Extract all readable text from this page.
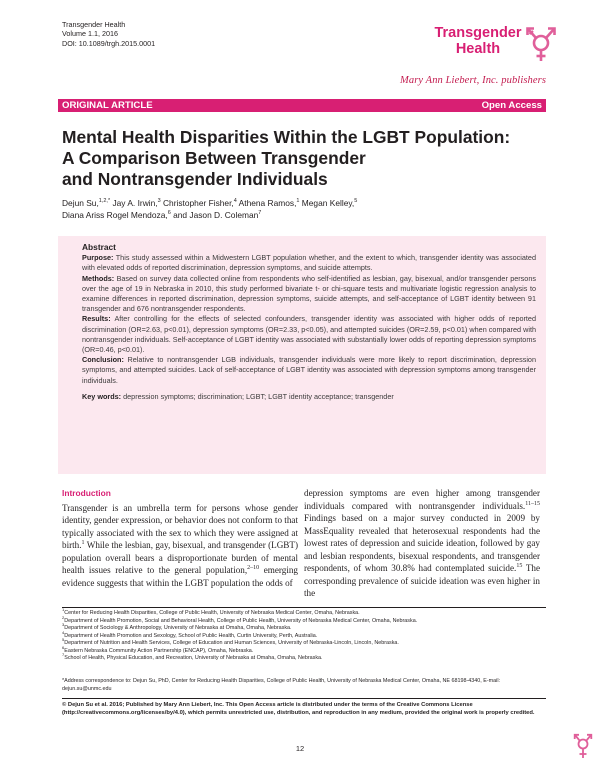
Transgender Health
Volume 1.1, 2016
DOI: 10.1089/trgh.2015.0001
Transgender
Health
Mary Ann Liebert, Inc. publishers
ORIGINAL ARTICLE	Open Access
Mental Health Disparities Within the LGBT Population:
A Comparison Between Transgender
and Nontransgender Individuals
Dejun Su,$^{1,2,*}$ Jay A. Irwin,$^3$ Christopher Fisher,$^4$ Athena Ramos,$^1$ Megan Kelley,$^5$
Diana Ariss Rogel Mendoza,$^6$ and Jason D. Coleman$^7$
Abstract

Purpose: This study assessed within a Midwestern LGBT population whether, and the extent to which, transgender identity was associated with elevated odds of reported discrimination, depression symptoms, and suicide attempts.

Methods: Based on survey data collected online from respondents who self-identified as lesbian, gay, bisexual, and/or transgender persons over the age of 19 in Nebraska in 2010, this study performed bivariate t- or chi-square tests and multivariate logistic regression analysis to examine differences in reported discrimination, depression symptoms, suicide attempts, and self-acceptance of LGBT identity between 91 transgender and 676 nontransgender respondents.

Results: After controlling for the effects of selected confounders, transgender identity was associated with higher odds of reported discrimination (OR=2.63, p<0.01), depression symptoms (OR=2.33, p<0.05), and attempted suicides (OR=2.59, p<0.01) when compared with nontransgender individuals. Self-acceptance of LGBT identity was associated with substantially lower odds of reporting depression symptoms (OR=0.46, p<0.01).

Conclusion: Relative to nontransgender LGB individuals, transgender individuals were more likely to report discrimination, depression symptoms, and attempted suicides. Lack of self-acceptance of LGBT identity was associated with depression symptoms among transgender individuals.

Key words: depression symptoms; discrimination; LGBT; LGBT identity acceptance; transgender

Introduction
Transgender is an umbrella term for persons whose gender identity, gender expression, or behavior does not conform to that typically associated with the sex to which they were assigned at birth.$^1$ While the lesbian, gay, bisexual, and transgender (LGBT) population overall bears a disproportionate burden of mental health issues relative to the general population,$^{2-10}$ emerging evidence suggests that within the LGBT population the odds of
depression symptoms are even higher among transgender individuals compared with nontransgender individuals.$^{11-15}$ Findings based on a major survey conducted in 2009 by MassEquality revealed that heterosexual respondents had the lowest rates of depression and suicide ideation, followed by gay and lesbian respondents, bisexual respondents, and transgender respondents, of whom 30.8% had contemplated suicide.$^{15}$ The corresponding prevalence of suicide ideation was even higher in the
$^1$Center for Reducing Health Disparities, College of Public Health, University of Nebraska Medical Center, Omaha, Nebraska.
$^2$Department of Health Promotion, Social and Behavioral Health, College of Public Health, University of Nebraska Medical Center, Omaha, Nebraska.
$^3$Department of Sociology & Anthropology, University of Nebraska at Omaha, Omaha, Nebraska.
$^4$Department of Health Promotion and Sexology, School of Public Health, Curtin University, Perth, Australia.
$^5$Department of Nutrition and Health Services, College of Education and Human Sciences, University of Nebraska-Lincoln, Lincoln, Nebraska.
$^6$Eastern Nebraska Community Action Partnership (ENCAP), Omaha, Nebraska.
$^7$School of Health, Physical Education, and Recreation, University of Nebraska at Omaha, Omaha, Nebraska.
*Address correspondence to: Dejun Su, PhD, Center for Reducing Health Disparities, College of Public Health, University of Nebraska Medical Center, Omaha, NE 68198-4340, E-mail: dejun.su@unmc.edu
© Dejun Su et al. 2016; Published by Mary Ann Liebert, Inc. This Open Access article is distributed under the terms of the Creative Commons License (http://creativecommons.org/licenses/by/4.0), which permits unrestricted use, distribution, and reproduction in any medium, provided the original work is properly credited.
12
